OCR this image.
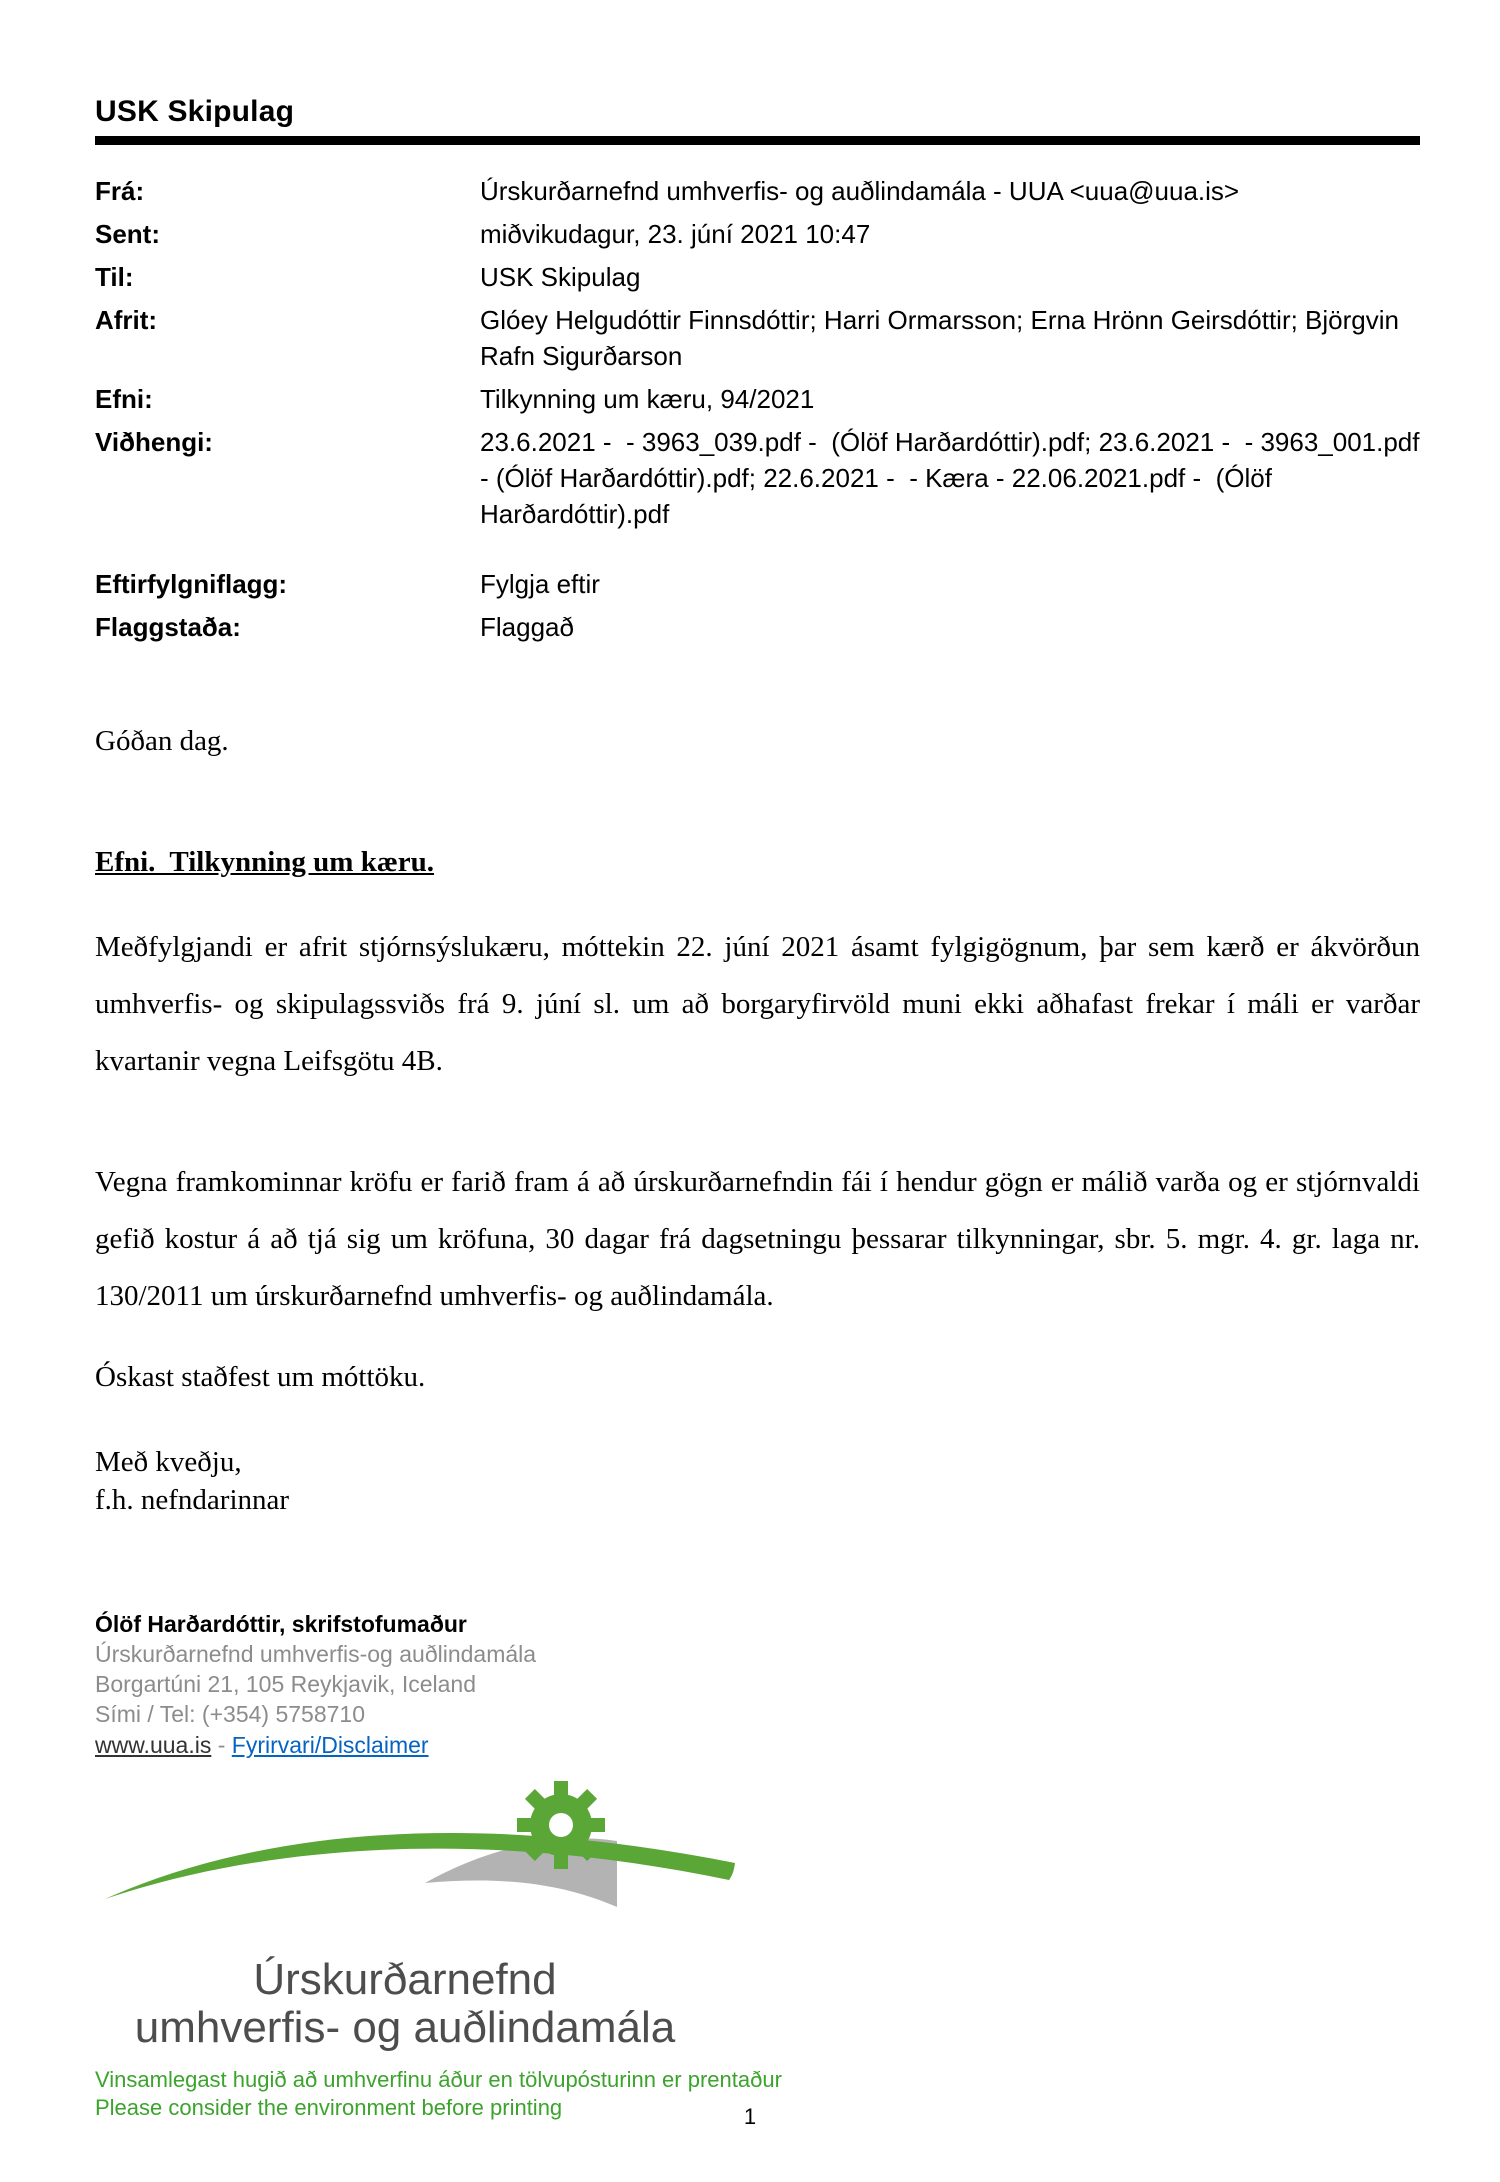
USK Skipulag
Frá:	Úrskurðarnefnd umhverfis- og auðlindamála - UUA <uua@uua.is>
Sent:	miðvikudagur, 23. júní 2021 10:47
Til:	USK Skipulag
Afrit:	Glóey Helgudóttir Finnsdóttir; Harri Ormarsson; Erna Hrönn Geirsdóttir; Björgvin Rafn Sigurðarson
Efni:	Tilkynning um kæru, 94/2021
Viðhengi:	23.6.2021 -  - 3963_039.pdf -  (Ólöf Harðardóttir).pdf; 23.6.2021 -  - 3963_001.pdf - (Ólöf Harðardóttir).pdf; 22.6.2021 -  - Kæra - 22.06.2021.pdf -  (Ólöf Harðardóttir).pdf
Eftirfylgniflagg:	Fylgja eftir
Flaggstaða:	Flaggað
Góðan dag.
Efni.  Tilkynning um kæru.
Meðfylgjandi er afrit stjórnsýslukæru, móttekin 22. júní 2021 ásamt fylgigögnum, þar sem kærð er ákvörðun umhverfis- og skipulagssviðs frá 9. júní sl. um að borgaryfirvöld muni ekki aðhafast frekar í máli er varðar kvartanir vegna Leifsgötu 4B.
Vegna framkominnar kröfu er farið fram á að úrskurðarnefndin fái í hendur gögn er málið varða og er stjórnvaldi gefið kostur á að tjá sig um kröfuna, 30 dagar frá dagsetningu þessarar tilkynningar, sbr. 5. mgr. 4. gr. laga nr. 130/2011 um úrskurðarnefnd umhverfis- og auðlindamála.
Óskast staðfest um móttöku.
Með kveðju,
f.h. nefndarinnar
Ólöf Harðardóttir, skrifstofumaður
Úrskurðarnefnd umhverfis-og auðlindamála
Borgartúni 21, 105 Reykjavik, Iceland
Sími / Tel: (+354) 5758710
www.uua.is - Fyrirvari/Disclaimer
Úrskurðarnefnd
umhverfis- og auðlindamála
Vinsamlegast hugið að umhverfinu áður en tölvupósturinn er prentaður
Please consider the environment before printing	1
